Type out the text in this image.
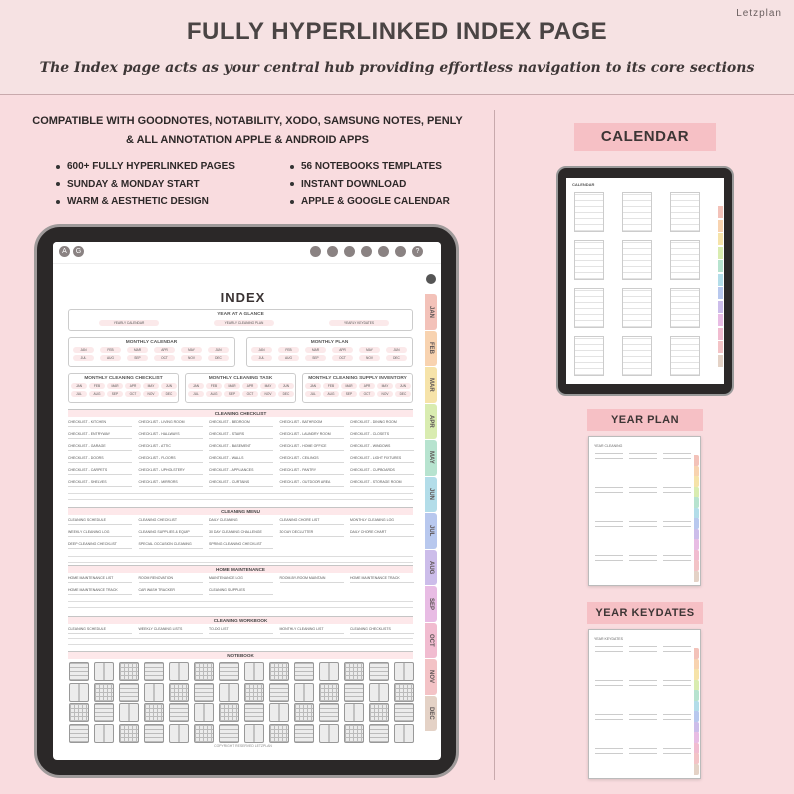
Letzplan
FULLY HYPERLINKED INDEX PAGE
The Index page acts as your central hub providing effortless navigation to its core sections
COMPATIBLE WITH GOODNOTES, NOTABILITY, XODO, SAMSUNG NOTES, PENLY
& ALL ANNOTATION APPLE & ANDROID APPS
600+ FULLY HYPERLINKED PAGES
SUNDAY & MONDAY START
WARM & AESTHETIC DESIGN
56 NOTEBOOKS TEMPLATES
INSTANT DOWNLOAD
APPLE & GOOGLE CALENDAR
A	G	?
INDEX
YEAR AT A GLANCE
YEARLY CALENDAR	YEARLY CLEANING PLAN	YEARLY KEYDATES
MONTHLY CALENDAR
JAN	FEB	MAR	APR	MAY	JUN
JUL	AUG	SEP	OCT	NOV	DEC
MONTHLY PLAN
JAN	FEB	MAR	APR	MAY	JUN
JUL	AUG	SEP	OCT	NOV	DEC
MONTHLY CLEANING CHECKLIST
JAN	FEB	MAR	APR	MAY	JUN
JUL	AUG	SEP	OCT	NOV	DEC
MONTHLY CLEANING TASK
JAN	FEB	MAR	APR	MAY	JUN
JUL	AUG	SEP	OCT	NOV	DEC
MONTHLY CLEANING SUPPLY INVENTORY
JAN	FEB	MAR	APR	MAY	JUN
JUL	AUG	SEP	OCT	NOV	DEC
CLEANING CHECKLIST
CHECKLIST - KITCHEN	CHECKLIST - LIVING ROOM	CHECKLIST - BEDROOM	CHECKLIST - BATHROOM	CHECKLIST - DINING ROOM
CHECKLIST - ENTRYWAY	CHECKLIST - HALLWAYS	CHECKLIST - STAIRS	CHECKLIST - LAUNDRY ROOM	CHECKLIST - CLOSETS
CHECKLIST - GARAGE	CHECKLIST - ATTIC	CHECKLIST - BASEMENT	CHECKLIST - HOME OFFICE	CHECKLIST - WINDOWS
CHECKLIST - DOORS	CHECKLIST - FLOORS	CHECKLIST - WALLS	CHECKLIST - CEILINGS	CHECKLIST - LIGHT FIXTURES
CHECKLIST - CARPETS	CHECKLIST - UPHOLSTERY	CHECKLIST - APPLIANCES	CHECKLIST - PANTRY	CHECKLIST - CUPBOARDS
CHECKLIST - SHELVES	CHECKLIST - MIRRORS	CHECKLIST - CURTAINS	CHECKLIST - OUTDOOR AREA	CHECKLIST - STORAGE ROOM
CLEANING MENU
CLEANING SCHEDULE	CLEANING CHECKLIST	DAILY CLEANING	CLEANING CHORE LIST	MONTHLY CLEANING LOG
WEEKLY CLEANING LOG	CLEANING SUPPLIES & EQUIP	30 DAY CLEANING CHALLENGE	30 DAY DECLUTTER	DAILY CHORE CHART
DEEP CLEANING CHECKLIST	SPECIAL OCCASION CLEANING	SPRING CLEANING CHECKLIST
HOME MAINTENANCE
HOME MAINTENANCE LIST	ROOM RENOVATION	MAINTENANCE LOG	ROOM-BY-ROOM MAINTAIN	HOME MAINTENANCE TRACK
HOME MAINTENANCE TRACK	CAR WASH TRACKER	CLEANING SUPPLIES
CLEANING WORKBOOK
CLEANING SCHEDULE	WEEKLY CLEANING LISTS	TO-DO LIST	MONTHLY CLEANING LIST	CLEANING CHECKLISTS
NOTEBOOK
COPYRIGHT RESERVED LETZPLAN
JAN
FEB
MAR
APR
MAY
JUN
JUL
AUG
SEP
OCT
NOV
DEC
CALENDAR
CALENDAR
YEAR PLAN
YEAR CLEANING
YEAR KEYDATES
YEAR KEYDATES
